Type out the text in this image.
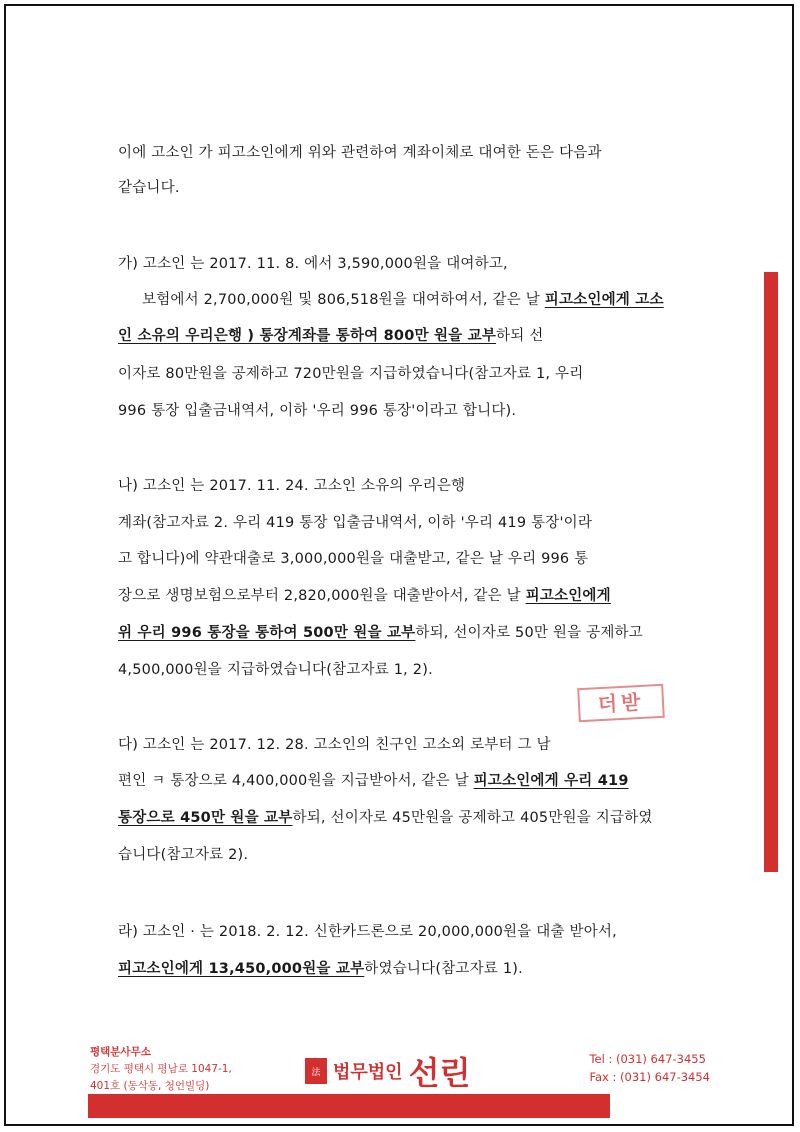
이에 고소인 가 피고소인에게 위와 관련하여 계좌이체로 대여한 돈은 다음과
같습니다.
가) 고소인 는 2017. 11. 8. 에서 3,590,000원을 대여하고,
보험에서 2,700,000원 및 806,518원을 대여하여서, 같은 날 피고소인에게 고소
인 소유의 우리은행 ) 통장계좌를 통하여 800만 원을 교부하되 선
이자로 80만원을 공제하고 720만원을 지급하였습니다(참고자료 1, 우리
996 통장 입출금내역서, 이하 '우리 996 통장'이라고 합니다).
나) 고소인 는 2017. 11. 24. 고소인 소유의 우리은행
계좌(참고자료 2. 우리 419 통장 입출금내역서, 이하 '우리 419 통장'이라
고 합니다)에 약관대출로 3,000,000원을 대출받고, 같은 날 우리 996 통
장으로 생명보험으로부터 2,820,000원을 대출받아서, 같은 날 피고소인에게
위 우리 996 통장을 통하여 500만 원을 교부하되, 선이자로 50만 원을 공제하고
4,500,000원을 지급하였습니다(참고자료 1, 2).
더받
다) 고소인 는 2017. 12. 28. 고소인의 친구인 고소외 로부터 그 남
편인 ㅋ 통장으로 4,400,000원을 지급받아서, 같은 날 피고소인에게 우리 419
통장으로 450만 원을 교부하되, 선이자로 45만원을 공제하고 405만원을 지급하였
습니다(참고자료 2).
라) 고소인 · 는 2018. 2. 12. 신한카드론으로 20,000,000원을 대출 받아서,
피고소인에게 13,450,000원을 교부하였습니다(참고자료 1).
평택분사무소
경기도 평택시 평남로 1047-1,
401호 (동삭동, 청언빌딩)
法 법무법인 선린	Tel : (031) 647-3455
Fax : (031) 647-3454
